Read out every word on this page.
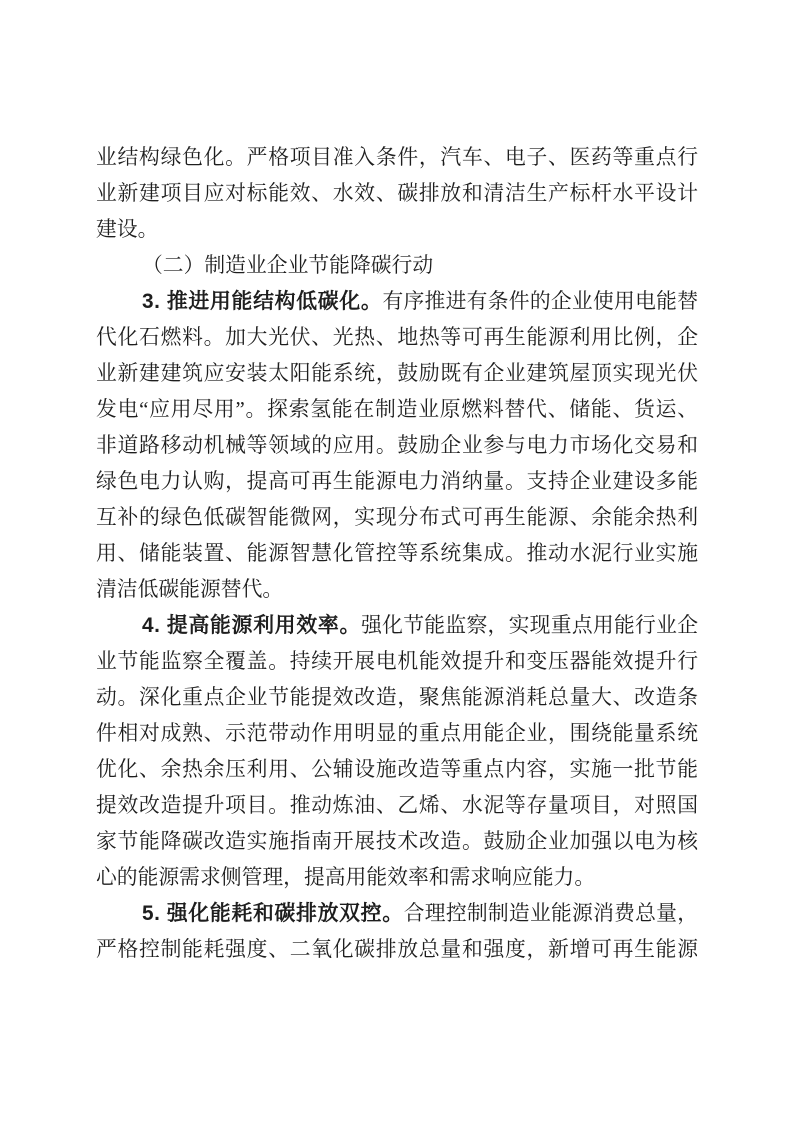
业结构绿色化。严格项目准入条件，汽车、电子、医药等重点行
业新建项目应对标能效、水效、碳排放和清洁生产标杆水平设计
建设。
（二）制造业企业节能降碳行动
3. 推进用能结构低碳化。有序推进有条件的企业使用电能替
代化石燃料。加大光伏、光热、地热等可再生能源利用比例，企
业新建建筑应安装太阳能系统，鼓励既有企业建筑屋顶实现光伏
发电“应用尽用”。探索氢能在制造业原燃料替代、储能、货运、
非道路移动机械等领域的应用。鼓励企业参与电力市场化交易和
绿色电力认购，提高可再生能源电力消纳量。支持企业建设多能
互补的绿色低碳智能微网，实现分布式可再生能源、余能余热利
用、储能装置、能源智慧化管控等系统集成。推动水泥行业实施
清洁低碳能源替代。
4. 提高能源利用效率。强化节能监察，实现重点用能行业企
业节能监察全覆盖。持续开展电机能效提升和变压器能效提升行
动。深化重点企业节能提效改造，聚焦能源消耗总量大、改造条
件相对成熟、示范带动作用明显的重点用能企业，围绕能量系统
优化、余热余压利用、公辅设施改造等重点内容，实施一批节能
提效改造提升项目。推动炼油、乙烯、水泥等存量项目，对照国
家节能降碳改造实施指南开展技术改造。鼓励企业加强以电为核
心的能源需求侧管理，提高用能效率和需求响应能力。
5. 强化能耗和碳排放双控。合理控制制造业能源消费总量，
严格控制能耗强度、二氧化碳排放总量和强度，新增可再生能源
